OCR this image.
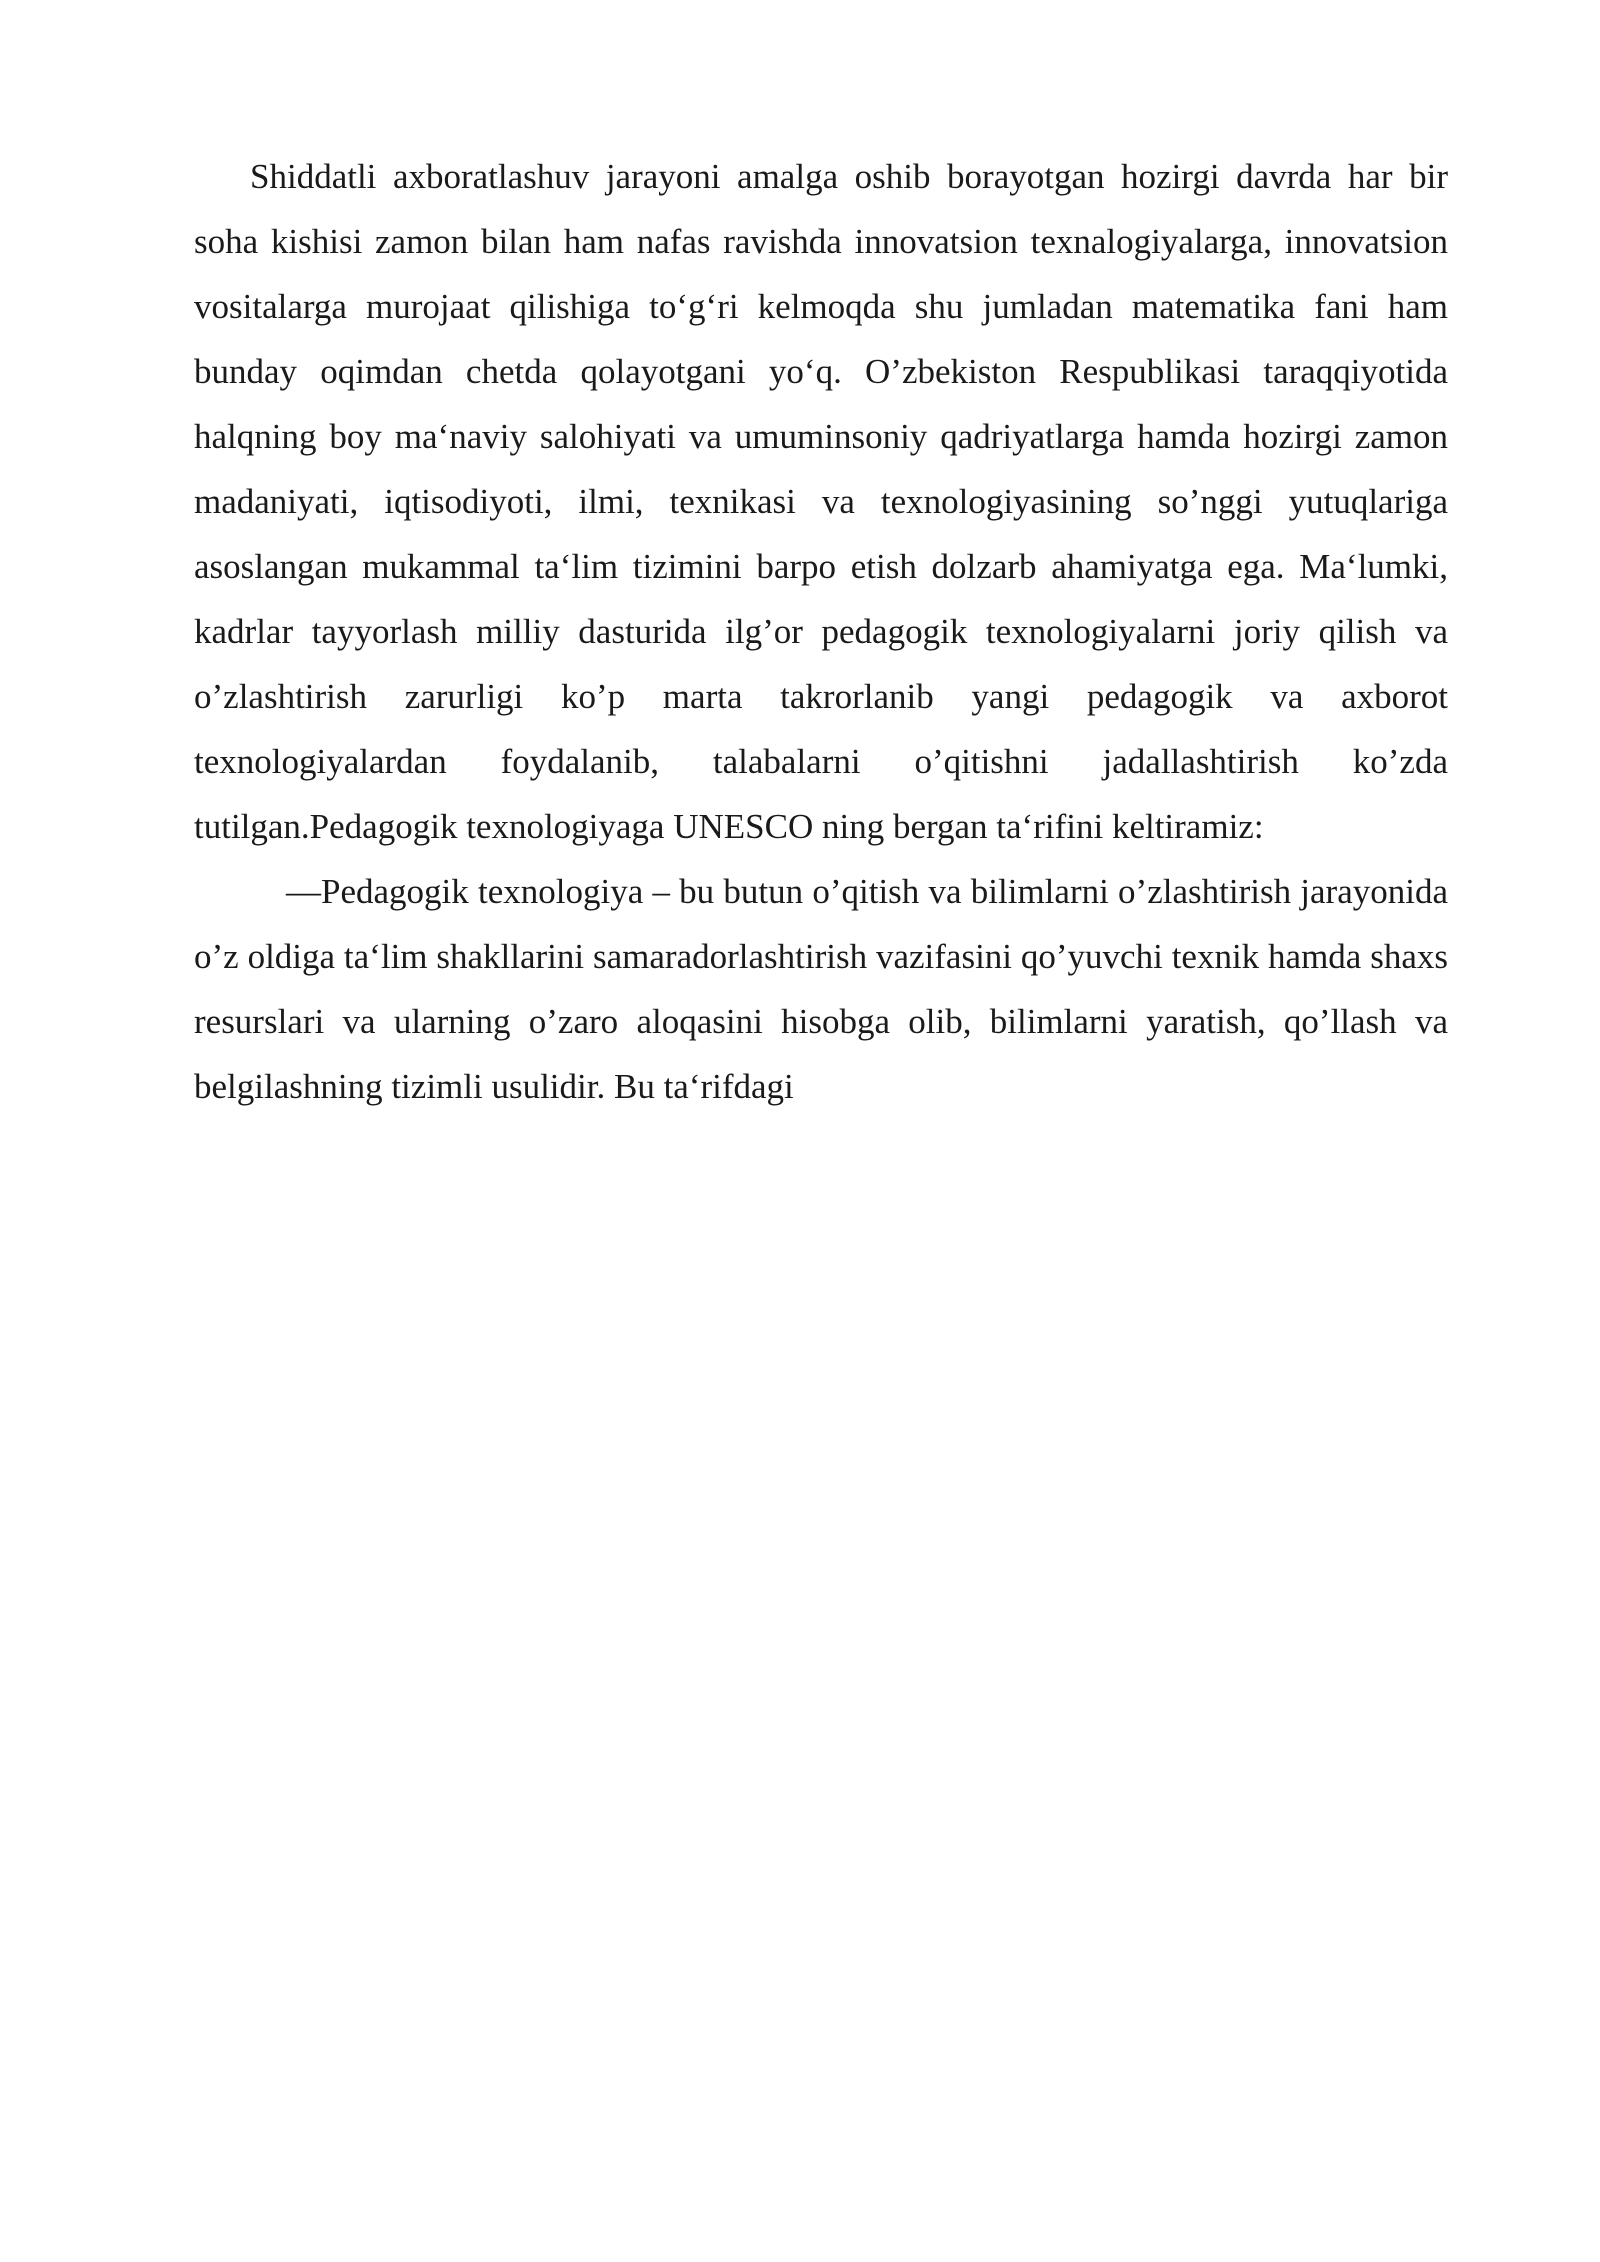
Shiddatli axboratlashuv jarayoni amalga oshib borayotgan hozirgi davrda har bir soha kishisi zamon bilan ham nafas ravishda innovatsion texnalogiyalarga, innovatsion vositalarga murojaat qilishiga to‘g‘ri kelmoqda shu jumladan matematika fani ham bunday oqimdan chetda qolayotgani yo‘q. O’zbekiston Respublikasi taraqqiyotida halqning boy ma‘naviy salohiyati va umuminsoniy qadriyatlarga hamda hozirgi zamon madaniyati, iqtisodiyoti, ilmi, texnikasi va texnologiyasining so’nggi yutuqlariga asoslangan mukammal ta‘lim tizimini barpo etish dolzarb ahamiyatga ega. Ma‘lumki, kadrlar tayyorlash milliy dasturida ilg’or pedagogik texnologiyalarni joriy qilish va o’zlashtirish zarurligi ko’p marta takrorlanib yangi pedagogik va axborot texnologiyalardan foydalanib, talabalarni o’qitishni jadallashtirish ko’zda tutilgan.Pedagogik texnologiyaga UNESCO ning bergan ta‘rifini keltiramiz:

—Pedagogik texnologiya – bu butun o’qitish va bilimlarni o’zlashtirish jarayonida o’z oldiga ta‘lim shakllarini samaradorlashtirish vazifasini qo’yuvchi texnik hamda shaxs resurslari va ularning o’zaro aloqasini hisobga olib, bilimlarni yaratish, qo’llash va belgilashning tizimli usulidir. Bu ta‘rifdagi
